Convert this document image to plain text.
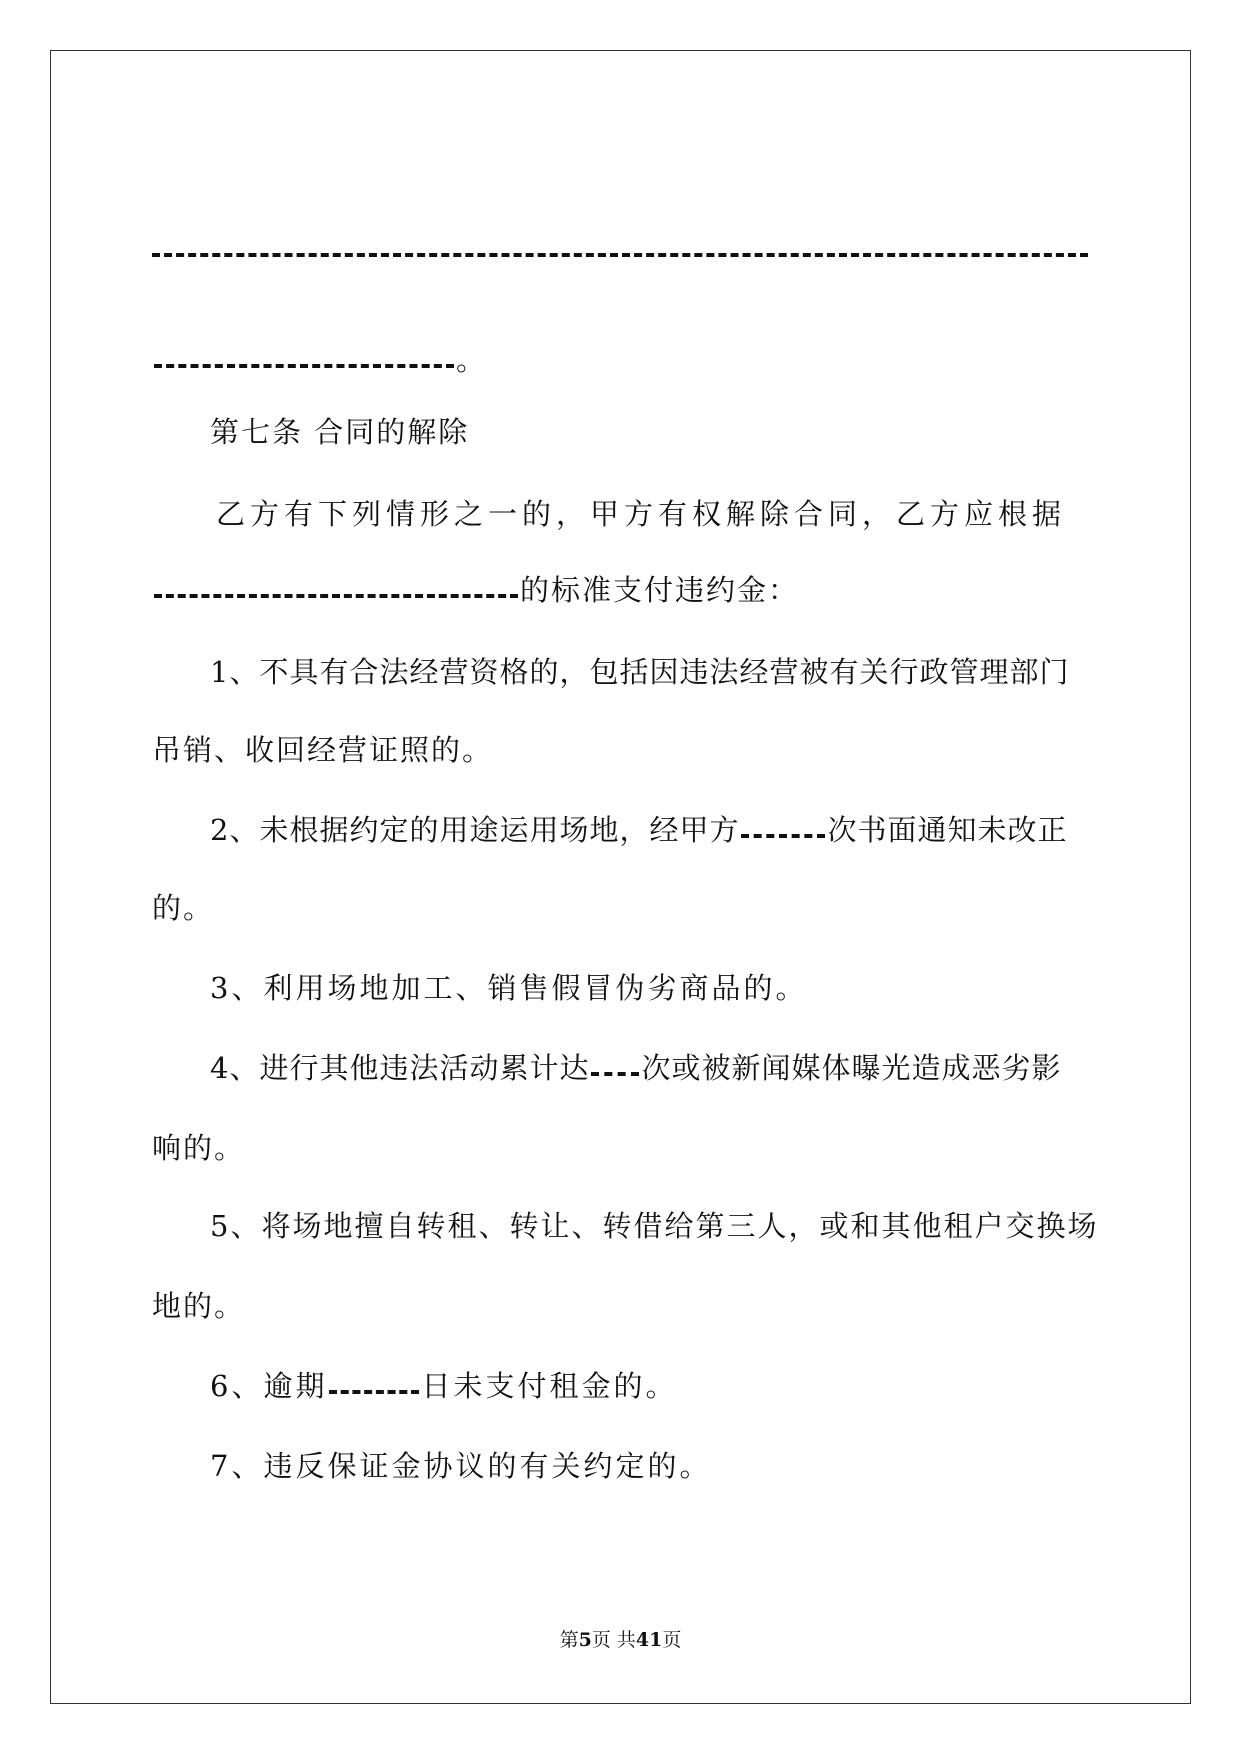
。
第七条 合同的解除
乙方有下列情形之一的，甲方有权解除合同，乙方应根据
的标准支付违约金：
1、不具有合法经营资格的，包括因违法经营被有关行政管理部门
吊销、收回经营证照的。
2、未根据约定的用途运用场地，经甲方	次书面通知未改正
的。
3、利用场地加工、销售假冒伪劣商品的。
4、进行其他违法活动累计达 次或被新闻媒体曝光造成恶劣影
响的。
5、将场地擅自转租、转让、转借给第三人，或和其他租户交换场
地的。
6、逾期	日未支付租金的。
7、违反保证金协议的有关约定的。
第5页 共41页
